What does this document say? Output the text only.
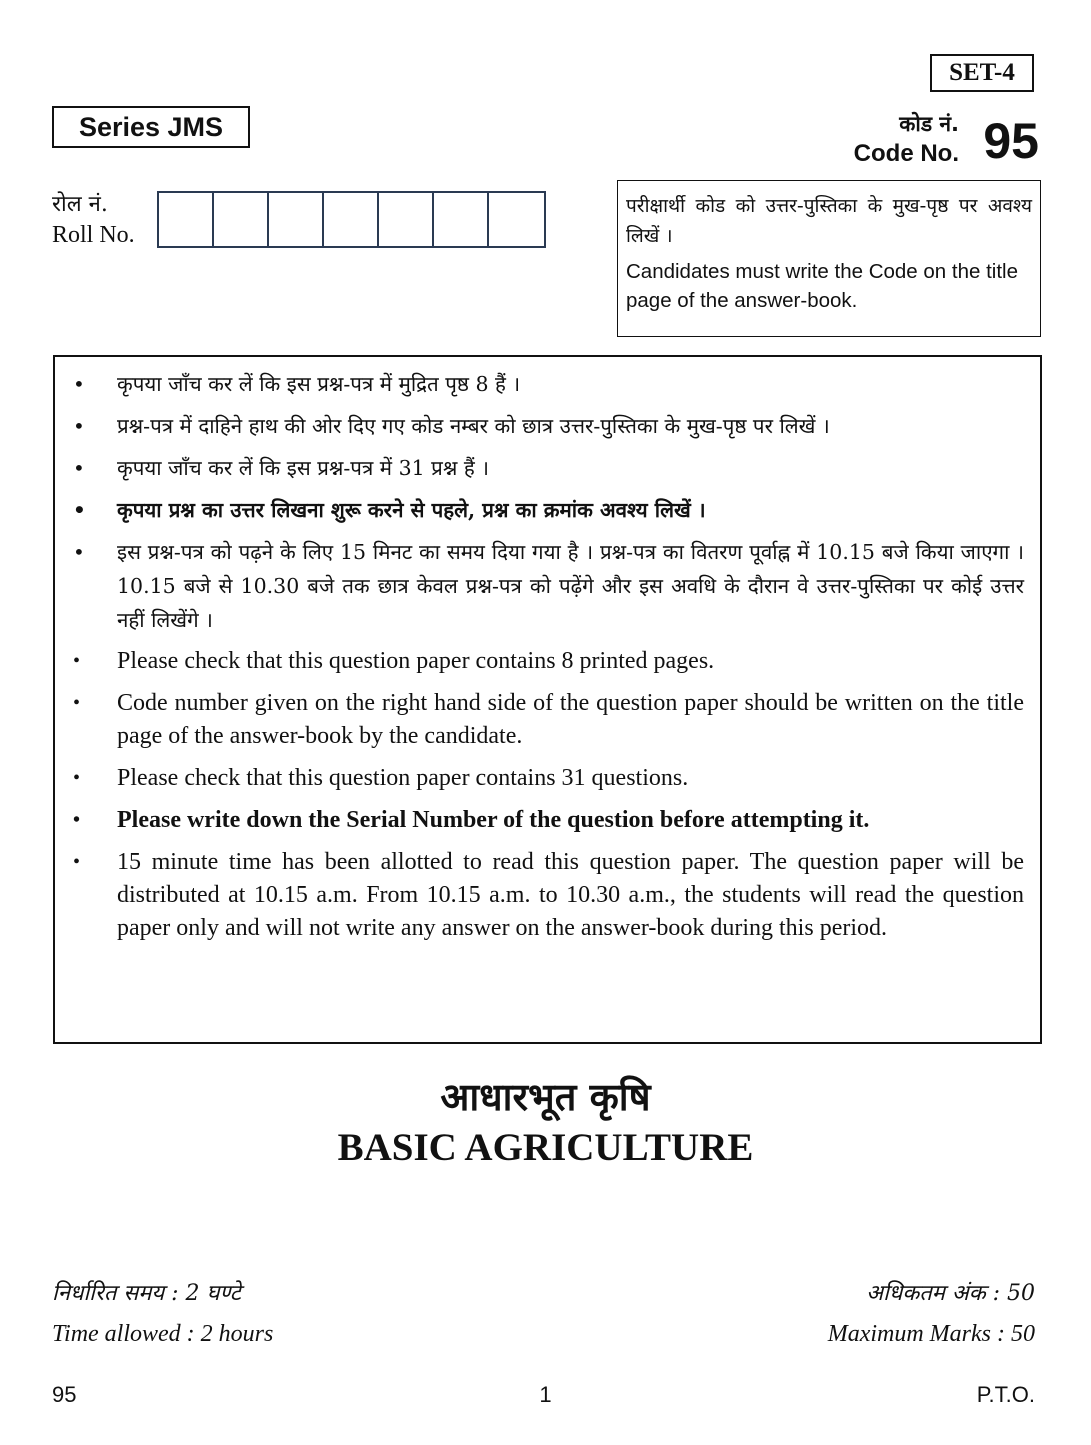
SET-4
Series JMS	कोड नं.
Code No. 95
रोल नं.
Roll No.
परीक्षार्थी कोड को उत्तर-पुस्तिका के मुख-पृष्ठ पर अवश्य लिखें ।
Candidates must write the Code on the title page of the answer-book.
• कृपया जाँच कर लें कि इस प्रश्न-पत्र में मुद्रित पृष्ठ 8 हैं ।
• प्रश्न-पत्र में दाहिने हाथ की ओर दिए गए कोड नम्बर को छात्र उत्तर-पुस्तिका के मुख-पृष्ठ पर लिखें ।
• कृपया जाँच कर लें कि इस प्रश्न-पत्र में 31 प्रश्न हैं ।
• कृपया प्रश्न का उत्तर लिखना शुरू करने से पहले, प्रश्न का क्रमांक अवश्य लिखें ।
• इस प्रश्न-पत्र को पढ़ने के लिए 15 मिनट का समय दिया गया है । प्रश्न-पत्र का वितरण पूर्वाह्न में 10.15 बजे किया जाएगा । 10.15 बजे से 10.30 बजे तक छात्र केवल प्रश्न-पत्र को पढ़ेंगे और इस अवधि के दौरान वे उत्तर-पुस्तिका पर कोई उत्तर नहीं लिखेंगे ।
• Please check that this question paper contains 8 printed pages.
• Code number given on the right hand side of the question paper should be written on the title page of the answer-book by the candidate.
• Please check that this question paper contains 31 questions.
• Please write down the Serial Number of the question before attempting it.
• 15 minute time has been allotted to read this question paper. The question paper will be distributed at 10.15 a.m. From 10.15 a.m. to 10.30 a.m., the students will read the question paper only and will not write any answer on the answer-book during this period.
आधारभूत कृषि
BASIC AGRICULTURE
निर्धारित समय : 2 घण्टे
Time allowed : 2 hours
अधिकतम अंक : 50
Maximum Marks : 50
95	1	P.T.O.
